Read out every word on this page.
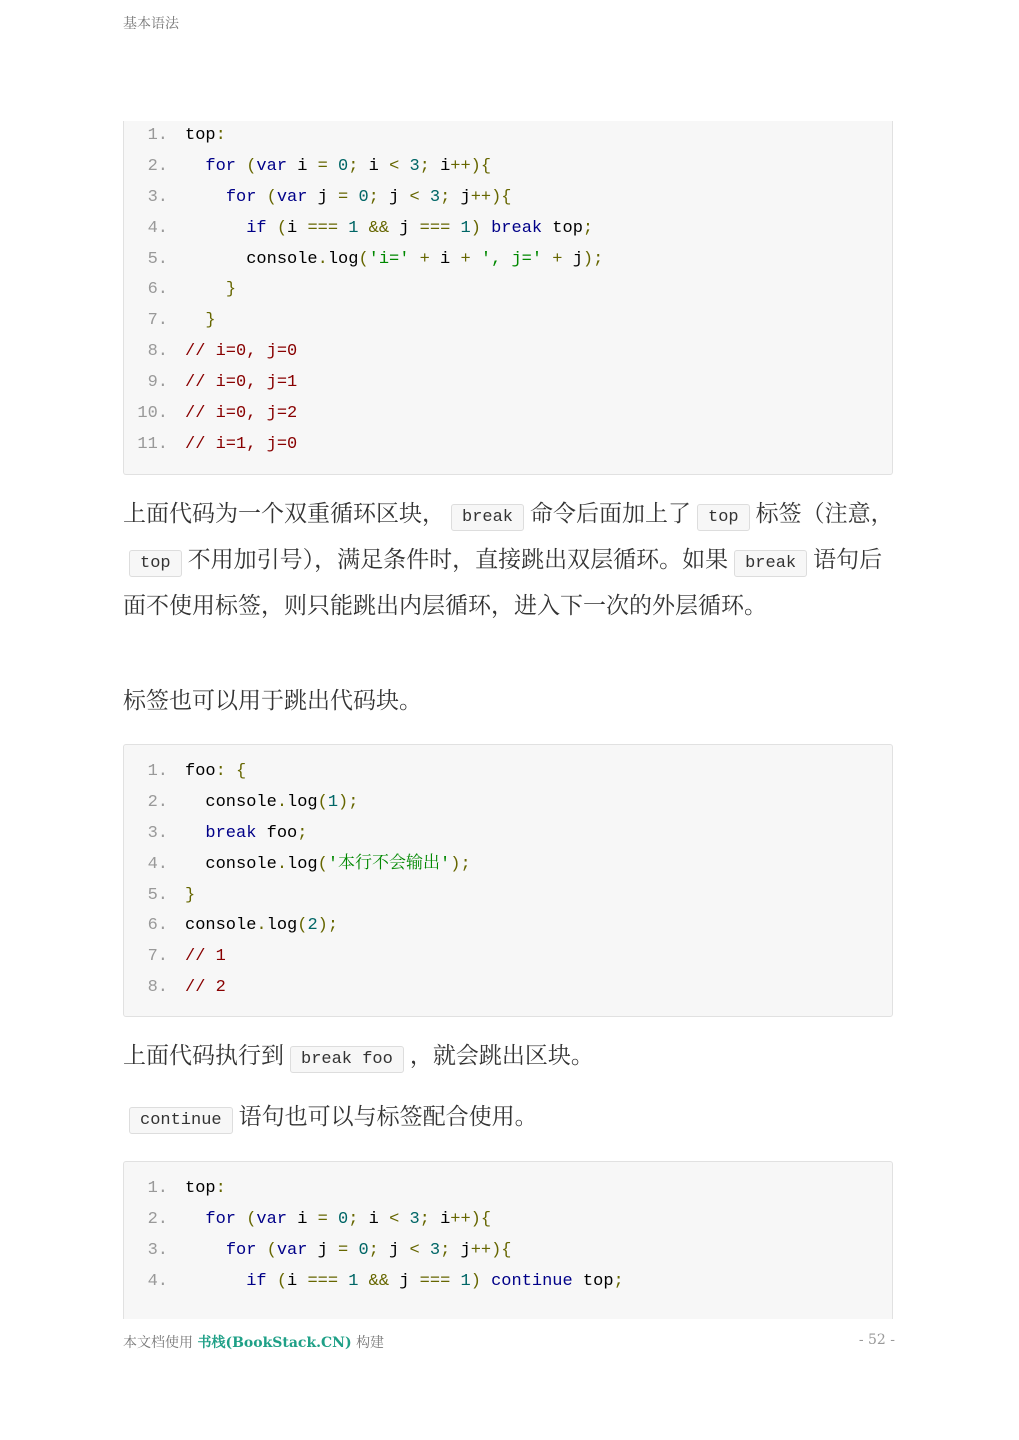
基本语法
1. top:
2.	for (var i = 0; i < 3; i++){
3.	for (var j = 0; j < 3; j++){
4.	if (i === 1 && j === 1) break top;
5. console.log('i=' + i + ', j=' + j);
6.	}
7.	}
8. // i=0, j=0
9. // i=0, j=1
10. // i=0, j=2
11. // i=1, j=0
上面代码为一个双重循环区块， break 命令后面加上了 top 标签（注意，top 不用加引号），满足条件时，直接跳出双层循环。如果 break 语句后面不使用标签，则只能跳出内层循环，进入下一次的外层循环。
标签也可以用于跳出代码块。
1. foo: {
2. console.log(1);
3.	break foo;
4. console.log('本行不会输出');
5. }
6. console.log(2);
7. // 1
8. // 2
上面代码执行到 break foo ，就会跳出区块。
continue 语句也可以与标签配合使用。
1. top:
2.	for (var i = 0; i < 3; i++){
3.	for (var j = 0; j < 3; j++){
4.	if (i === 1 && j === 1) continue top;
本文档使用 书栈(BookStack.CN) 构建	- 52 -
